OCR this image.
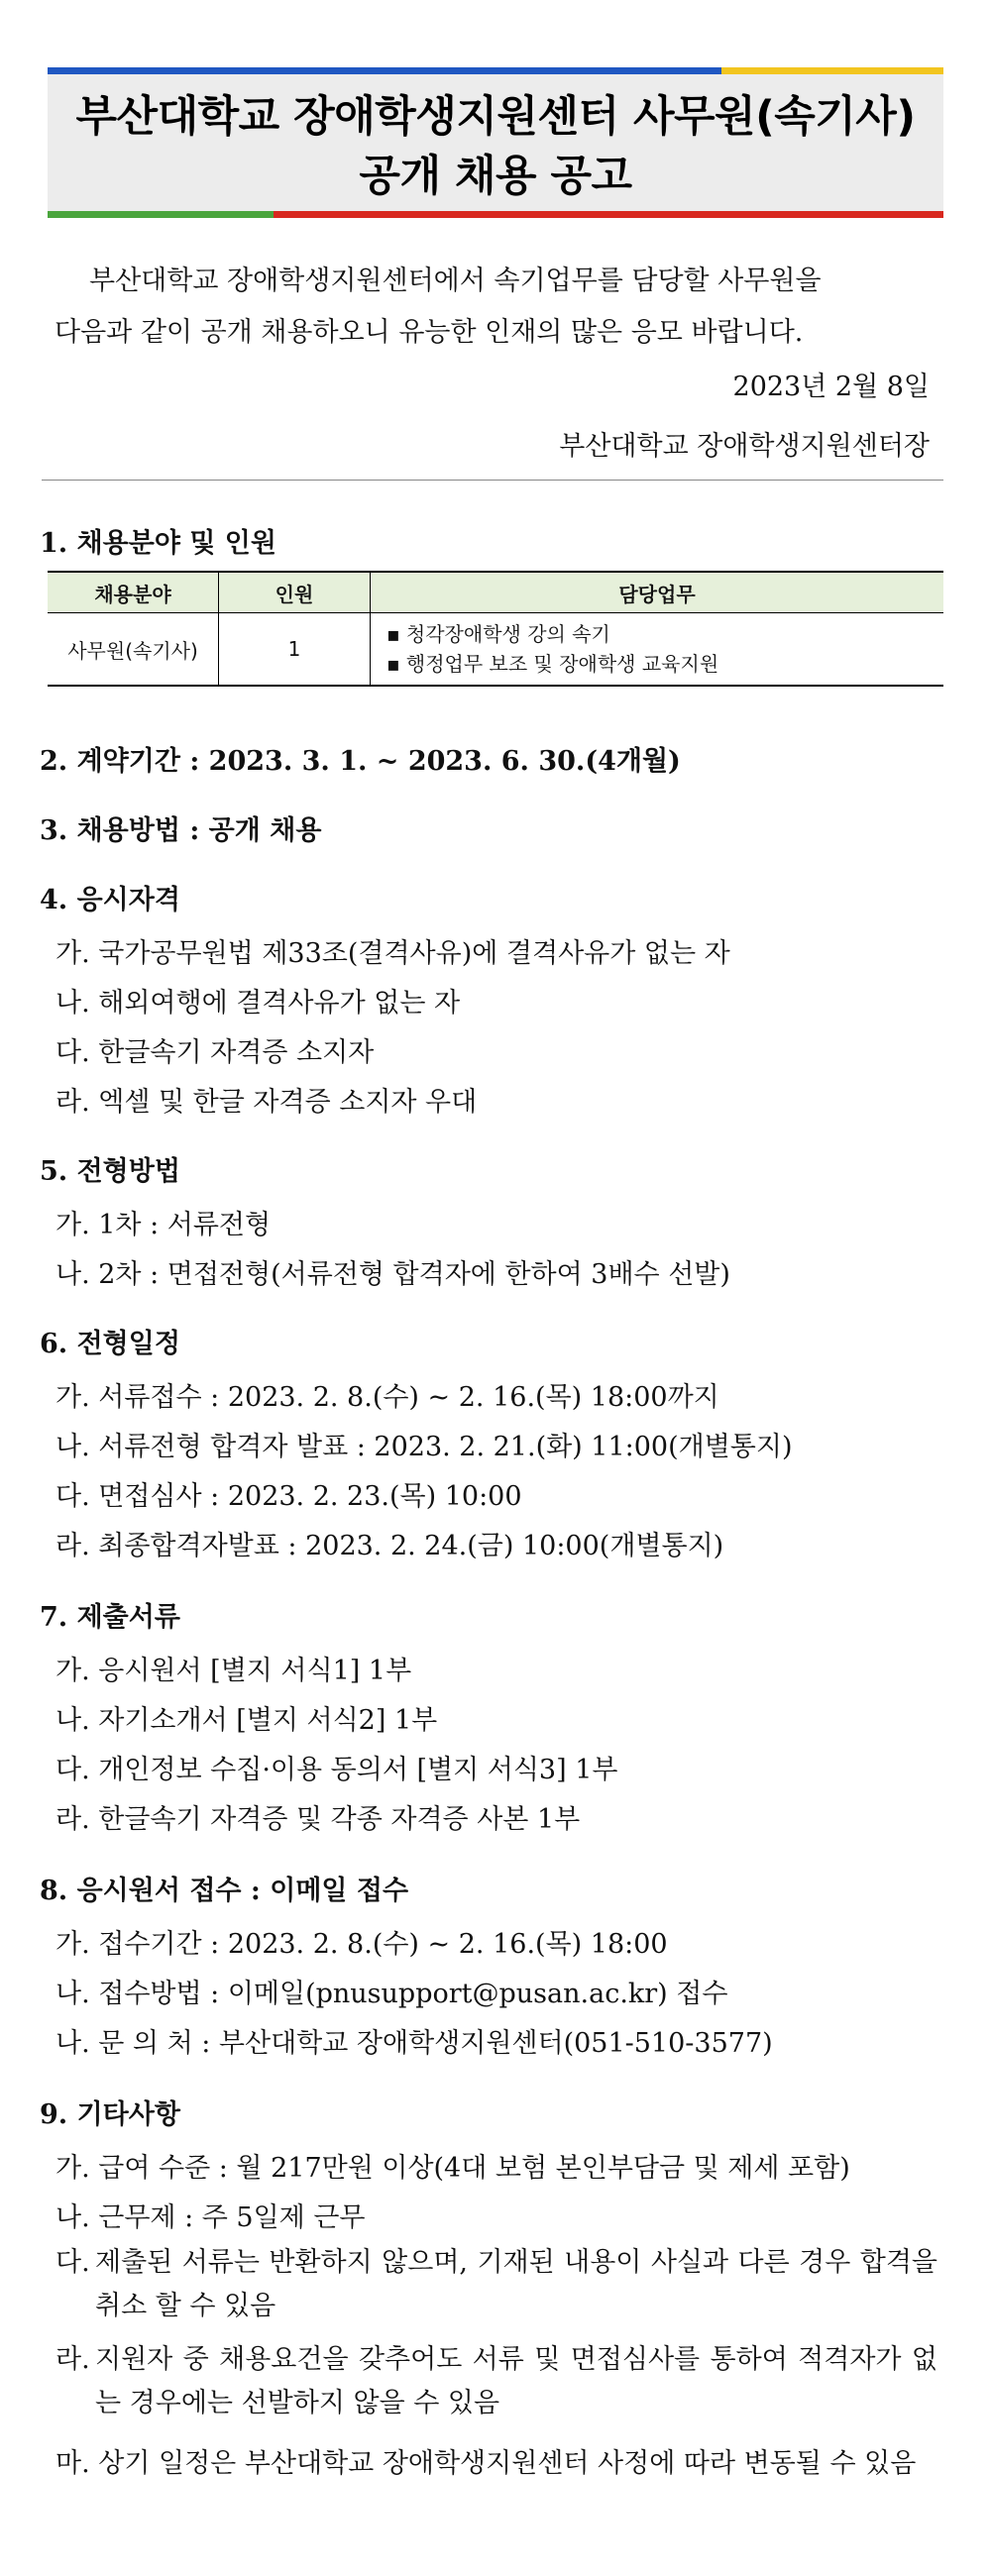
부산대학교 장애학생지원센터 사무원(속기사)
공개 채용 공고

부산대학교 장애학생지원센터에서 속기업무를 담당할 사무원을

다음과 같이 공개 채용하오니 유능한 인재의 많은 응모 바랍니다.

2023년 2월 8일
부산대학교 장애학생지원센터장
1. 채용분야 및 인원
채용분야	인원	담당업무
사무원(속기사)	1	▪ 청각장애학생 강의 속기
▪ 행정업무 보조 및 장애학생 교육지원
2. 계약기간 : 2023. 3. 1. ~ 2023. 6. 30.(4개월)
3. 채용방법 : 공개 채용
4. 응시자격
가. 국가공무원법 제33조(결격사유)에 결격사유가 없는 자
나. 해외여행에 결격사유가 없는 자
다. 한글속기 자격증 소지자
라. 엑셀 및 한글 자격증 소지자 우대
5. 전형방법
가. 1차 : 서류전형
나. 2차 : 면접전형(서류전형 합격자에 한하여 3배수 선발)
6. 전형일정
가. 서류접수 : 2023. 2. 8.(수) ~ 2. 16.(목) 18:00까지
나. 서류전형 합격자 발표 : 2023. 2. 21.(화) 11:00(개별통지)
다. 면접심사 : 2023. 2. 23.(목) 10:00
라. 최종합격자발표 : 2023. 2. 24.(금) 10:00(개별통지)
7. 제출서류
가. 응시원서 [별지 서식1] 1부
나. 자기소개서 [별지 서식2] 1부
다. 개인정보 수집·이용 동의서 [별지 서식3] 1부
라. 한글속기 자격증 및 각종 자격증 사본 1부
8. 응시원서 접수 : 이메일 접수
가. 접수기간 : 2023. 2. 8.(수) ~ 2. 16.(목) 18:00
나. 접수방법 : 이메일(pnusupport@pusan.ac.kr) 접수
나. 문 의 처 : 부산대학교 장애학생지원센터(051-510-3577)
9. 기타사항
가. 급여 수준 : 월 217만원 이상(4대 보험 본인부담금 및 제세 포함)
나. 근무제 : 주 5일제 근무
다. 제출된 서류는 반환하지 않으며, 기재된 내용이 사실과 다른 경우 합격을 취소 할 수 있음
라. 지원자 중 채용요건을 갖추어도 서류 및 면접심사를 통하여 적격자가 없는 경우에는 선발하지 않을 수 있음
마. 상기 일정은 부산대학교 장애학생지원센터 사정에 따라 변동될 수 있음
